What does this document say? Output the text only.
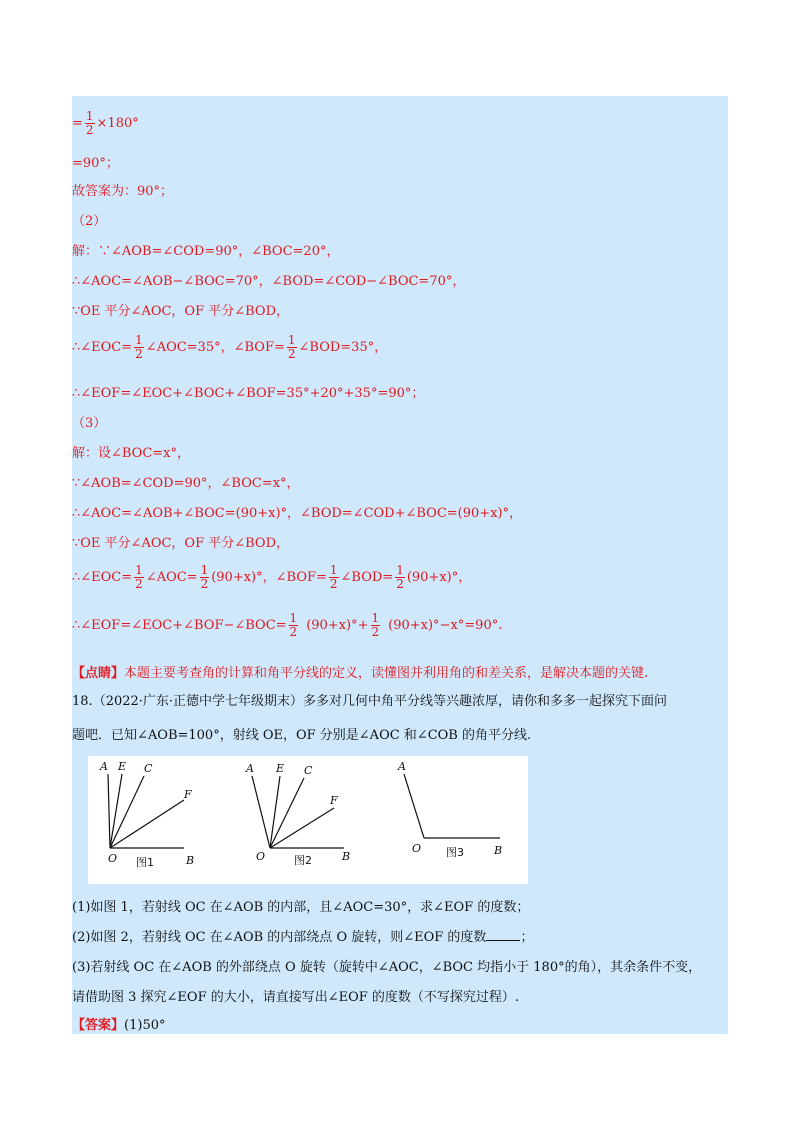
= $\frac{1}{2} \times 180^\circ$
=90°；
故答案为：90°；
（2）
解：∵∠AOB=∠COD=90°，∠BOC=20°，
∴∠AOC=∠AOB−∠BOC=70°，∠BOD=∠COD−∠BOC=70°，
∵OE 平分∠AOC，OF 平分∠BOD，
∴∠EOC= $\frac{1}{2}$ ∠AOC=35°，∠BOF= $\frac{1}{2}$ ∠BOD=35°，
∴∠EOF=∠EOC+∠BOC+∠BOF=35°+20°+35°=90°；
（3）
解：设∠BOC=x°，
∵∠AOB=∠COD=90°，∠BOC=x°，
∴∠AOC=∠AOB+∠BOC=(90+x)°，∠BOD=∠COD+∠BOC=(90+x)°，
∵OE 平分∠AOC，OF 平分∠BOD，
∴∠EOC= $\frac{1}{2}$ ∠AOC= $\frac{1}{2} (90+x)^\circ$，∠BOF= $\frac{1}{2}$ ∠BOD= $\frac{1}{2} (90+x)^\circ$，
∴∠EOF=∠EOC+∠BOF−∠BOC= $\frac{1}{2} (90+x)^\circ+ \frac{1}{2} (90+x)^\circ-x^\circ=90^\circ$.
【点睛】本题主要考查角的计算和角平分线的定义，读懂图并利用角的和差关系，是解决本题的关键.
18.（2022·广东·正德中学七年级期末）多多对几何中角平分线等兴趣浓厚，请你和多多一起探究下面问
题吧．已知∠AOB=100°，射线 OE，OF 分别是∠AOC 和∠COB 的角平分线.
A E C
F
O	B
A E C
F
O	B
A
O	B
图1	图2
图3
(1)如图 1，若射线 OC 在∠AOB 的内部，且∠AOC=30°，求∠EOF 的度数；
(2)如图 2，若射线 OC 在∠AOB 的内部绕点 O 旋转，则∠EOF 的度数	；
(3)若射线 OC 在∠AOB 的外部绕点 O 旋转（旋转中∠AOC，∠BOC 均指小于 180°的角），其余条件不变，
请借助图 3 探究∠EOF 的大小，请直接写出∠EOF 的度数（不写探究过程）.
【答案】(1)50°
